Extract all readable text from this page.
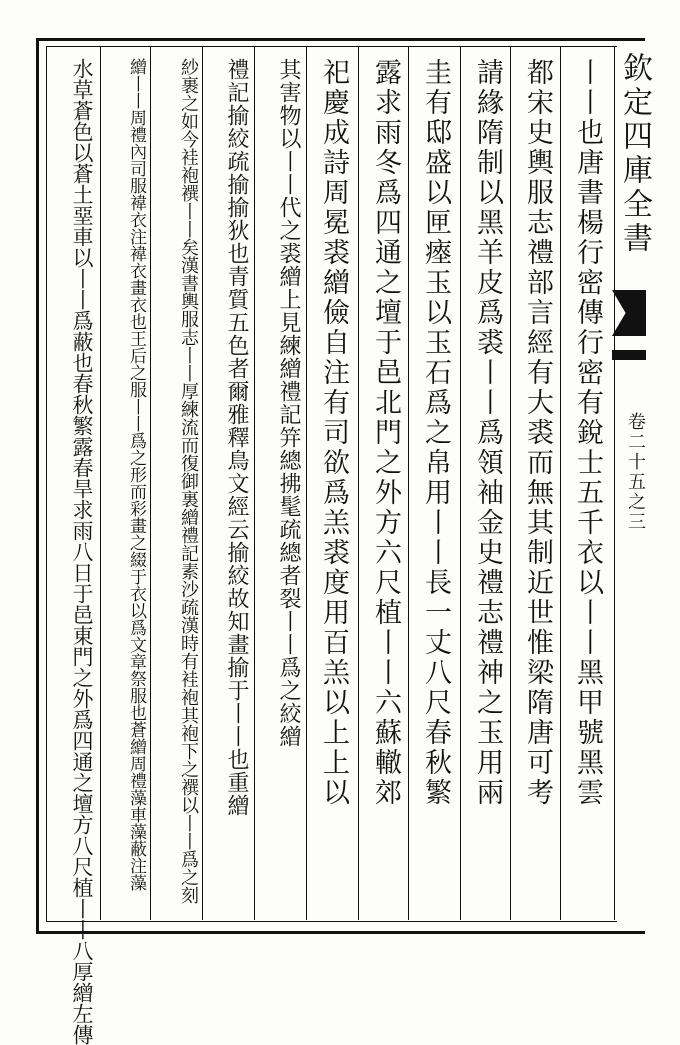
欽定四庫全書
卷二十五之三
丨丨也唐書楊行密傳行密有銳士五千衣以丨丨黑甲號黑雲
都宋史輿服志禮部言經有大裘而無其制近世惟梁隋唐可考
請緣隋制以黑羊皮爲裘丨丨爲領袖金史禮志禮神之玉用兩
圭有邸盛以匣瘞玉以玉石爲之帛用丨丨長一丈八尺春秋繁
露求雨冬爲四通之壇于邑北門之外方六尺植丨丨六蘇轍郊
祀慶成詩周冕裘繒儉自注有司欲爲羔裘度用百羔以上上以
其害物以丨丨代之裘繒上見練繒禮記笄總拂髦疏總者裂丨丨爲之絞繒
禮記揄絞疏揄揄狄也青質五色者爾雅釋鳥文經云揄絞故知畫揄于丨丨也重繒
紗裹之如今袿袍襈丨丨矣漢書輿服志丨丨厚練流而復御裏繒禮記素沙疏漢時有袿袍其袍下之襈以丨丨爲之刻
繒丨丨周禮內司服褘衣注褘衣畫衣也王后之服丨丨爲之形而彩畫之綴于衣以爲文章祭服也蒼繒周禮藻車藻蔽注藻
水草蒼色以蒼土堊車以丨丨爲蔽也春秋繁露春旱求雨八日于邑東門之外爲四通之壇方八尺植丨丨八厚繒左傳
